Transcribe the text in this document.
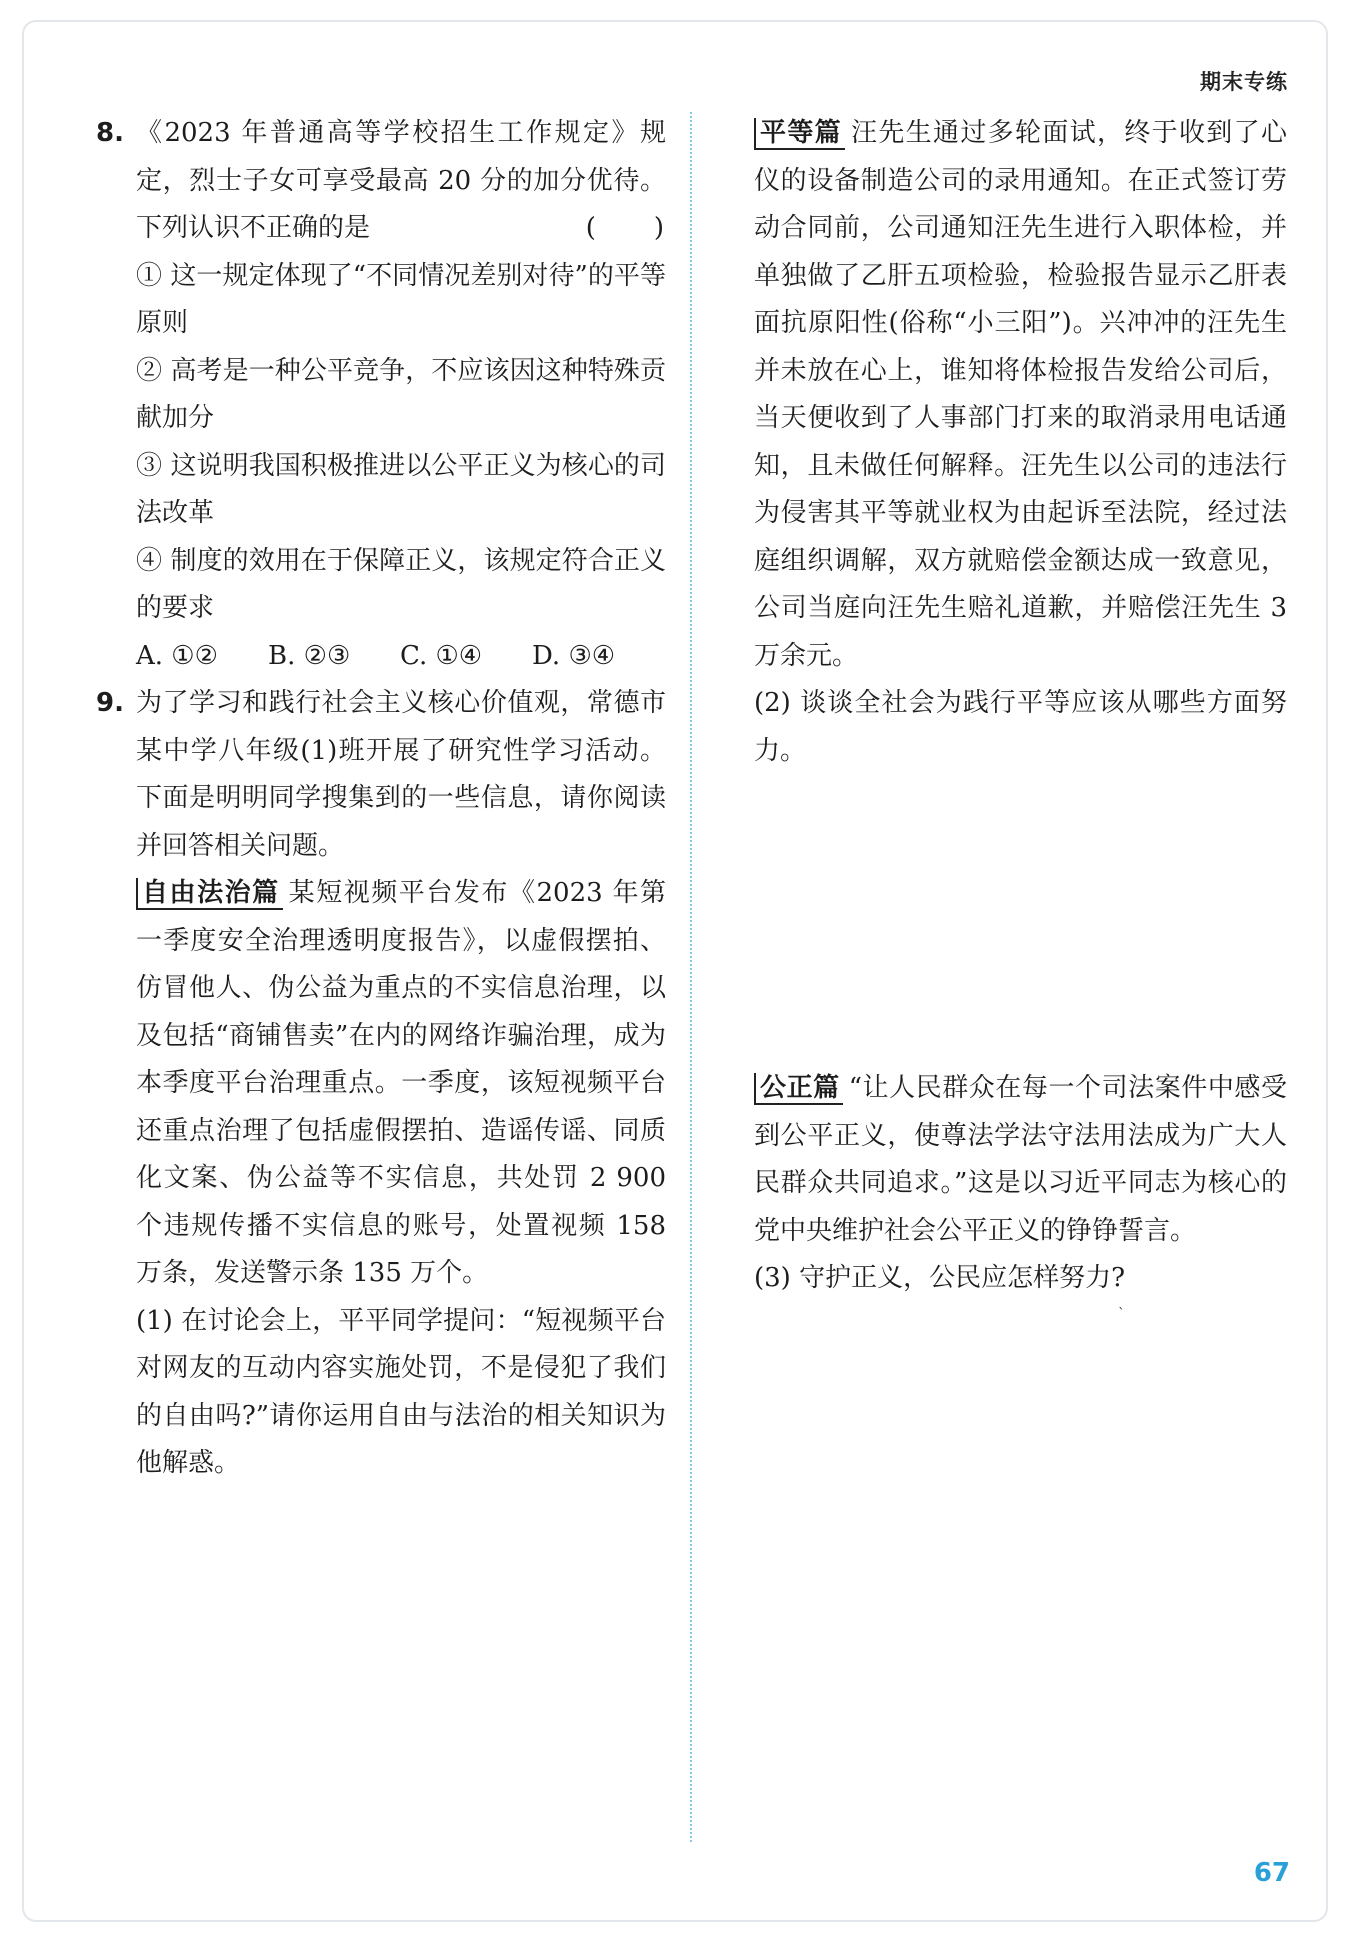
期末专练
8. 《2023 年普通高等学校招生工作规定》规定，烈士子女可享受最高 20 分的加分优待。下列认识不正确的是	(　　)

① 这一规定体现了“不同情况差别对待”的平等原则

② 高考是一种公平竞争，不应该因这种特殊贡献加分

③ 这说明我国积极推进以公平正义为核心的司法改革

④ 制度的效用在于保障正义，该规定符合正义的要求

A. ①②	B. ②③	C. ①④	D. ③④
9. 为了学习和践行社会主义核心价值观，常德市某中学八年级(1)班开展了研究性学习活动。下面是明明同学搜集到的一些信息，请你阅读并回答相关问题。

自由法治篇 某短视频平台发布《2023 年第一季度安全治理透明度报告》，以虚假摆拍、仿冒他人、伪公益为重点的不实信息治理，以及包括“商铺售卖”在内的网络诈骗治理，成为本季度平台治理重点。一季度，该短视频平台还重点治理了包括虚假摆拍、造谣传谣、同质化文案、伪公益等不实信息，共处罚 2 900 个违规传播不实信息的账号，处置视频 158 万条，发送警示条 135 万个。

(1) 在讨论会上，平平同学提问：“短视频平台对网友的互动内容实施处罚，不是侵犯了我们的自由吗?”请你运用自由与法治的相关知识为他解惑。

平等篇 汪先生通过多轮面试，终于收到了心仪的设备制造公司的录用通知。在正式签订劳动合同前，公司通知汪先生进行入职体检，并单独做了乙肝五项检验，检验报告显示乙肝表面抗原阳性(俗称“小三阳”)。兴冲冲的汪先生并未放在心上，谁知将体检报告发给公司后，当天便收到了人事部门打来的取消录用电话通知，且未做任何解释。汪先生以公司的违法行为侵害其平等就业权为由起诉至法院，经过法庭组织调解，双方就赔偿金额达成一致意见，公司当庭向汪先生赔礼道歉，并赔偿汪先生 3 万余元。

(2) 谈谈全社会为践行平等应该从哪些方面努力。

公正篇 “让人民群众在每一个司法案件中感受到公平正义，使尊法学法守法用法成为广大人民群众共同追求。”这是以习近平同志为核心的党中央维护社会公平正义的铮铮誓言。

(3) 守护正义，公民应怎样努力?

`
67
